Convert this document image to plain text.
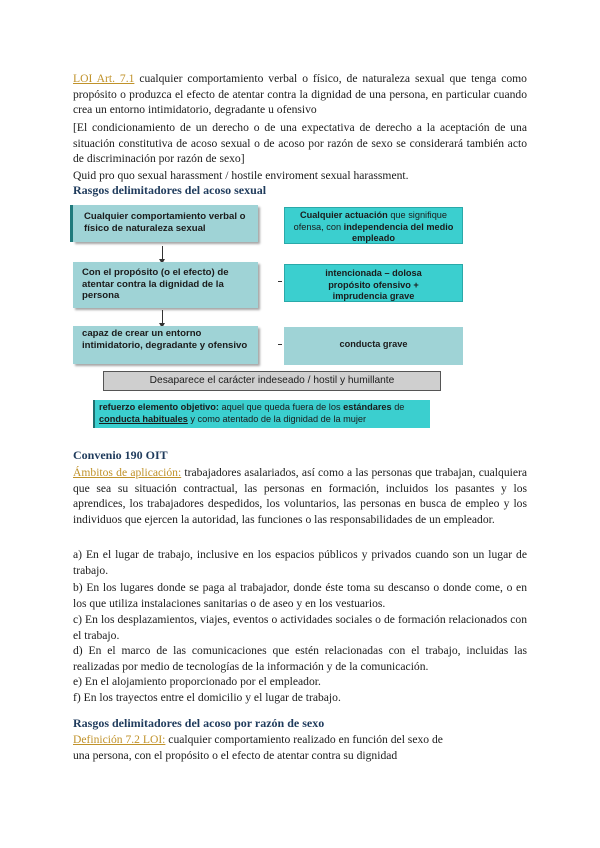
LOI Art. 7.1 cualquier comportamiento verbal o físico, de naturaleza sexual que tenga como propósito o produzca el efecto de atentar contra la dignidad de una persona, en particular cuando crea un entorno intimidatorio, degradante u ofensivo
[El condicionamiento de un derecho o de una expectativa de derecho a la aceptación de una situación constitutiva de acoso sexual o de acoso por razón de sexo se considerará también acto de discriminación por razón de sexo]
Quid pro quo sexual harassment / hostile enviroment sexual harassment.
Rasgos delimitadores del acoso sexual
Cualquier comportamiento verbal o físico de naturaleza sexual
Cualquier actuación que signifique ofensa, con independencia del medio empleado
Con el propósito (o el efecto) de atentar contra la dignidad de la persona
intencionada – dolosa propósito ofensivo + imprudencia grave
capaz de crear un entorno intimidatorio, degradante y ofensivo	conducta grave
Desaparece el carácter indeseado / hostil y humillante
refuerzo elemento objetivo: aquel que queda fuera de los estándares de conducta habituales y como atentado de la dignidad de la mujer
Convenio 190 OIT
Ámbitos de aplicación: trabajadores asalariados, así como a las personas que trabajan, cualquiera que sea su situación contractual, las personas en formación, incluidos los pasantes y los aprendices, los trabajadores despedidos, los voluntarios, las personas en busca de empleo y los individuos que ejercen la autoridad, las funciones o las responsabilidades de un empleador.
a) En el lugar de trabajo, inclusive en los espacios públicos y privados cuando son un lugar de trabajo.
b) En los lugares donde se paga al trabajador, donde éste toma su descanso o donde come, o en los que utiliza instalaciones sanitarias o de aseo y en los vestuarios.
c) En los desplazamientos, viajes, eventos o actividades sociales o de formación relacionados con el trabajo.
d) En el marco de las comunicaciones que estén relacionadas con el trabajo, incluidas las realizadas por medio de tecnologías de la información y de la comunicación.
e) En el alojamiento proporcionado por el empleador.
f) En los trayectos entre el domicilio y el lugar de trabajo.
Rasgos delimitadores del acoso por razón de sexo
Definición 7.2 LOI: cualquier comportamiento realizado en función del sexo de
una persona, con el propósito o el efecto de atentar contra su dignidad
